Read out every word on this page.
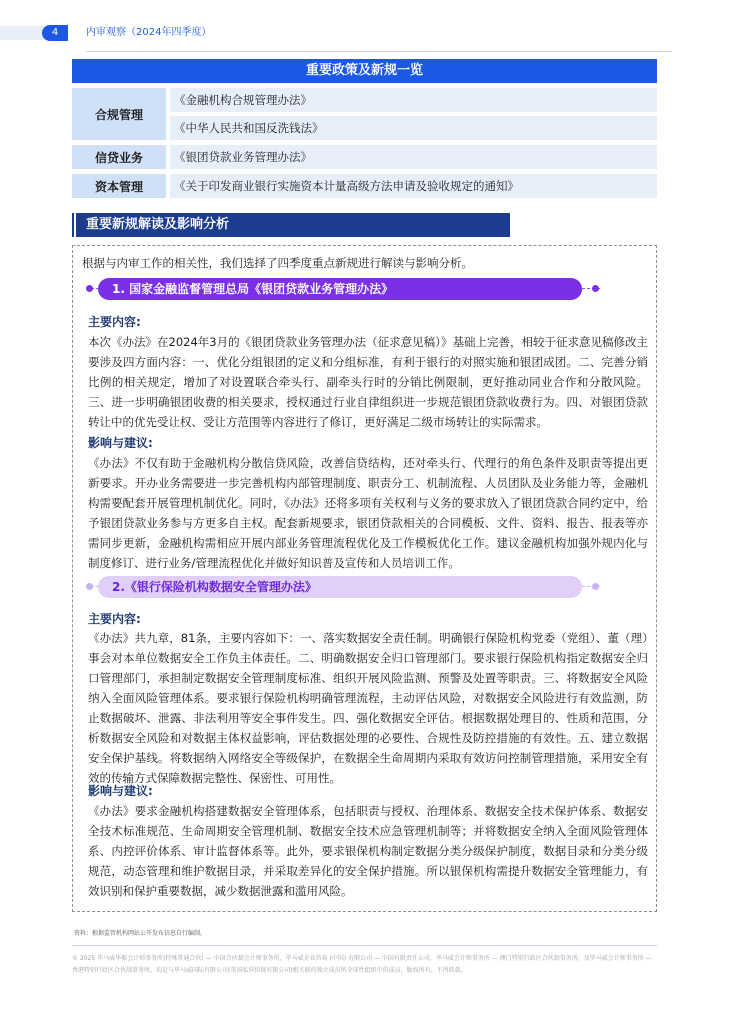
4	内审观察（2024年四季度）
重要政策及新规一览
合规管理
《金融机构合规管理办法》
《中华人民共和国反洗钱法》
信贷业务	《银团贷款业务管理办法》
资本管理	《关于印发商业银行实施资本计量高级方法申请及验收规定的通知》
重要新规解读及影响分析
根据与内审工作的相关性，我们选择了四季度重点新规进行解读与影响分析。
1. 国家金融监督管理总局《银团贷款业务管理办法》
主要内容:
本次《办法》在2024年3月的《银团贷款业务管理办法（征求意见稿）》基础上完善，相较于征求意见稿修改主要涉及四方面内容：一、优化分组银团的定义和分组标准，有利于银行的对照实施和银团成团。二、完善分销比例的相关规定，增加了对设置联合牵头行、副牵头行时的分销比例限制，更好推动同业合作和分散风险。三、进一步明确银团收费的相关要求，授权通过行业自律组织进一步规范银团贷款收费行为。四、对银团贷款转让中的优先受让权、受让方范围等内容进行了修订，更好满足二级市场转让的实际需求。
影响与建议:
《办法》不仅有助于金融机构分散信贷风险，改善信贷结构，还对牵头行、代理行的角色条件及职责等提出更新要求。开办业务需要进一步完善机构内部管理制度、职责分工、机制流程、人员团队及业务能力等，金融机构需要配套开展管理机制优化。同时，《办法》还将多项有关权利与义务的要求放入了银团贷款合同约定中，给予银团贷款业务参与方更多自主权。配套新规要求，银团贷款相关的合同模板、文件、资料、报告、报表等亦需同步更新，金融机构需相应开展内部业务管理流程优化及工作模板优化工作。建议金融机构加强外规内化与制度修订、进行业务/管理流程优化并做好知识普及宣传和人员培训工作。
2.《银行保险机构数据安全管理办法》
主要内容:
《办法》共九章，81条，主要内容如下：一、落实数据安全责任制。明确银行保险机构党委（党组）、董（理）事会对本单位数据安全工作负主体责任。二、明确数据安全归口管理部门。要求银行保险机构指定数据安全归口管理部门，承担制定数据安全管理制度标准、组织开展风险监测、预警及处置等职责。三、将数据安全风险纳入全面风险管理体系。要求银行保险机构明确管理流程，主动评估风险，对数据安全风险进行有效监测，防止数据破坏、泄露、非法利用等安全事件发生。四、强化数据安全评估。根据数据处理目的、性质和范围，分析数据安全风险和对数据主体权益影响，评估数据处理的必要性、合规性及防控措施的有效性。五、建立数据安全保护基线。将数据纳入网络安全等级保护，在数据全生命周期内采取有效访问控制管理措施，采用安全有效的传输方式保障数据完整性、保密性、可用性。
影响与建议:
《办法》要求金融机构搭建数据安全管理体系，包括职责与授权、治理体系、数据安全技术保护体系、数据安全技术标准规范、生命周期安全管理机制、数据安全技术应急管理机制等；并将数据安全纳入全面风险管理体系、内控评价体系、审计监督体系等。此外，要求银保机构制定数据分类分级保护制度，数据目录和分类分级规范，动态管理和维护数据目录，并采取差异化的安全保护措施。所以银保机构需提升数据安全管理能力，有效识别和保护重要数据，减少数据泄露和滥用风险。
资料：根据监管机构网站公开发布信息自行编制。
© 2025 毕马威华振会计师事务所(特殊普通合伙) — 中国合伙制会计师事务所，毕马威企业咨询 (中国) 有限公司 — 中国有限责任公司，毕马威会计师事务所 — 澳门特别行政区合伙制事务所，及毕马威会计师事务所 — 香港特别行政区合伙制事务所，均是与毕马威国际有限公司(英国私营担保有限公司)相关联的独立成员所全球性组织中的成员。版权所有，不得转载。
